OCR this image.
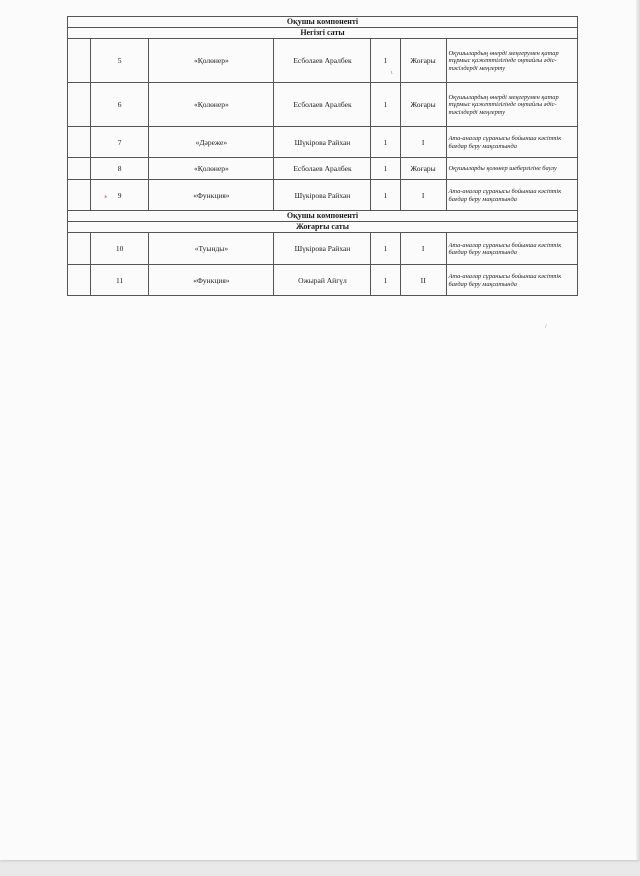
Оқушы компоненті						
Негізгі саты						
	5	«Қолөнер»	Есболаев Аралбек	1	Жоғары	Оқушылардың өнерді меңгерумен қатар тұрмыс қажеттілігінде оңтайлы әдіс-тәсілдерді меңгерту
	6	«Қолөнер»	Есболаев Аралбек	1	Жоғары	Оқушылардың өнерді меңгерумен қатар тұрмыс қажеттілігінде оңтайлы әдіс-тәсілдерді меңгерту
	7	«Дәреже»	Шүкірова Райхан	1	I	Ата-аналар сұранысы бойынша кәсіптік бағдар беру мақсатында
	8	«Қолөнер»	Есболаев Аралбек	1	Жоғары	Оқушыларды қолөнер шеберлігіне баулу
	9	«Функция»	Шүкірова Райхан	1	I	Ата-аналар сұранысы бойынша кәсіптік бағдар беру мақсатында
Оқушы компоненті						
Жоғарғы саты						
	10	«Туынды»	Шүкірова Райхан	1	I	Ата-аналар сұранысы бойынша кәсіптік бағдар беру мақсатында
	11	«Функция»	Ожырай Айгүл	1	II	Ата-аналар сұранысы бойынша кәсіптік бағдар беру мақсатында
*
ι
/
